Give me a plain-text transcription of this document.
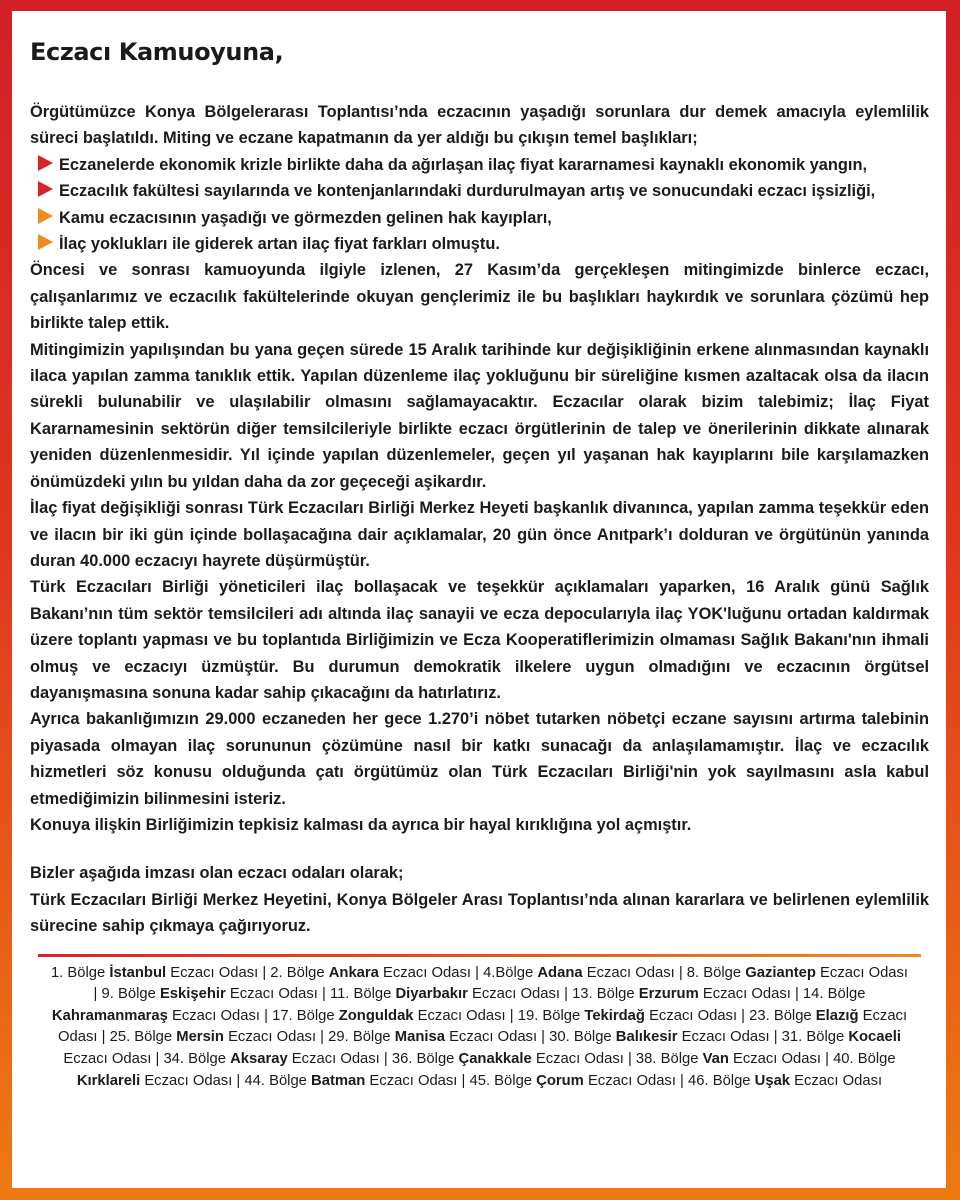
Eczacı Kamuoyuna,

Örgütümüzce Konya Bölgelerarası Toplantısı’nda eczacının yaşadığı sorunlara dur demek amacıyla eylemlilik süreci başlatıldı. Miting ve eczane kapatmanın da yer aldığı bu çıkışın temel başlıkları;

Eczanelerde ekonomik krizle birlikte daha da ağırlaşan ilaç fiyat kararnamesi kaynaklı ekonomik yangın,

Eczacılık fakültesi sayılarında ve kontenjanlarındaki durdurulmayan artış ve sonucundaki eczacı işsizliği,

Kamu eczacısının yaşadığı ve görmezden gelinen hak kayıpları,

İlaç yoklukları ile giderek artan ilaç fiyat farkları olmuştu.

Öncesi ve sonrası kamuoyunda ilgiyle izlenen, 27 Kasım’da gerçekleşen mitingimizde binlerce eczacı, çalışanlarımız ve eczacılık fakültelerinde okuyan gençlerimiz ile bu başlıkları haykırdık ve sorunlara çözümü hep birlikte talep ettik.

Mitingimizin yapılışından bu yana geçen sürede 15 Aralık tarihinde kur değişikliğinin erkene alınmasından kaynaklı ilaca yapılan zamma tanıklık ettik. Yapılan düzenleme ilaç yokluğunu bir süreliğine kısmen azaltacak olsa da ilacın sürekli bulunabilir ve ulaşılabilir olmasını sağlamayacaktır. Eczacılar olarak bizim talebimiz; İlaç Fiyat Kararnamesinin sektörün diğer temsilcileriyle birlikte eczacı örgütlerinin de talep ve önerilerinin dikkate alınarak yeniden düzenlenmesidir. Yıl içinde yapılan düzenlemeler, geçen yıl yaşanan hak kayıplarını bile karşılamazken önümüzdeki yılın bu yıldan daha da zor geçeceği aşikardır.

İlaç fiyat değişikliği sonrası Türk Eczacıları Birliği Merkez Heyeti başkanlık divanınca, yapılan zamma teşekkür eden ve ilacın bir iki gün içinde bollaşacağına dair açıklamalar, 20 gün önce Anıtpark’ı dolduran ve örgütünün yanında duran 40.000 eczacıyı hayrete düşürmüştür.

Türk Eczacıları Birliği yöneticileri ilaç bollaşacak ve teşekkür açıklamaları yaparken, 16 Aralık günü Sağlık Bakanı’nın tüm sektör temsilcileri adı altında ilaç sanayii ve ecza depocularıyla ilaç YOK'luğunu ortadan kaldırmak üzere toplantı yapması ve bu toplantıda Birliğimizin ve Ecza Kooperatiflerimizin olmaması Sağlık Bakanı'nın ihmali olmuş ve eczacıyı üzmüştür. Bu durumun demokratik ilkelere uygun olmadığını ve eczacının örgütsel dayanışmasına sonuna kadar sahip çıkacağını da hatırlatırız.

Ayrıca bakanlığımızın 29.000 eczaneden her gece 1.270’i nöbet tutarken nöbetçi eczane sayısını artırma talebinin piyasada olmayan ilaç sorununun çözümüne nasıl bir katkı sunacağı da anlaşılamamıştır. İlaç ve eczacılık hizmetleri söz konusu olduğunda çatı örgütümüz olan Türk Eczacıları Birliği'nin yok sayılmasını asla kabul etmediğimizin bilinmesini isteriz.

Konuya ilişkin Birliğimizin tepkisiz kalması da ayrıca bir hayal kırıklığına yol açmıştır.

Bizler aşağıda imzası olan eczacı odaları olarak;

Türk Eczacıları Birliği Merkez Heyetini, Konya Bölgeler Arası Toplantısı’nda alınan kararlara ve belirlenen eylemlilik sürecine sahip çıkmaya çağırıyoruz.

1. Bölge İstanbul Eczacı Odası | 2. Bölge Ankara Eczacı Odası | 4.Bölge Adana Eczacı Odası | 8. Bölge Gaziantep Eczacı Odası | 9. Bölge Eskişehir Eczacı Odası | 11. Bölge Diyarbakır Eczacı Odası | 13. Bölge Erzurum Eczacı Odası | 14. Bölge Kahramanmaraş Eczacı Odası | 17. Bölge Zonguldak Eczacı Odası | 19. Bölge Tekirdağ Eczacı Odası | 23. Bölge Elazığ Eczacı Odası | 25. Bölge Mersin Eczacı Odası | 29. Bölge Manisa Eczacı Odası | 30. Bölge Balıkesir Eczacı Odası | 31. Bölge Kocaeli Eczacı Odası | 34. Bölge Aksaray Eczacı Odası | 36. Bölge Çanakkale Eczacı Odası | 38. Bölge Van Eczacı Odası | 40. Bölge Kırklareli Eczacı Odası | 44. Bölge Batman Eczacı Odası | 45. Bölge Çorum Eczacı Odası | 46. Bölge Uşak Eczacı Odası
